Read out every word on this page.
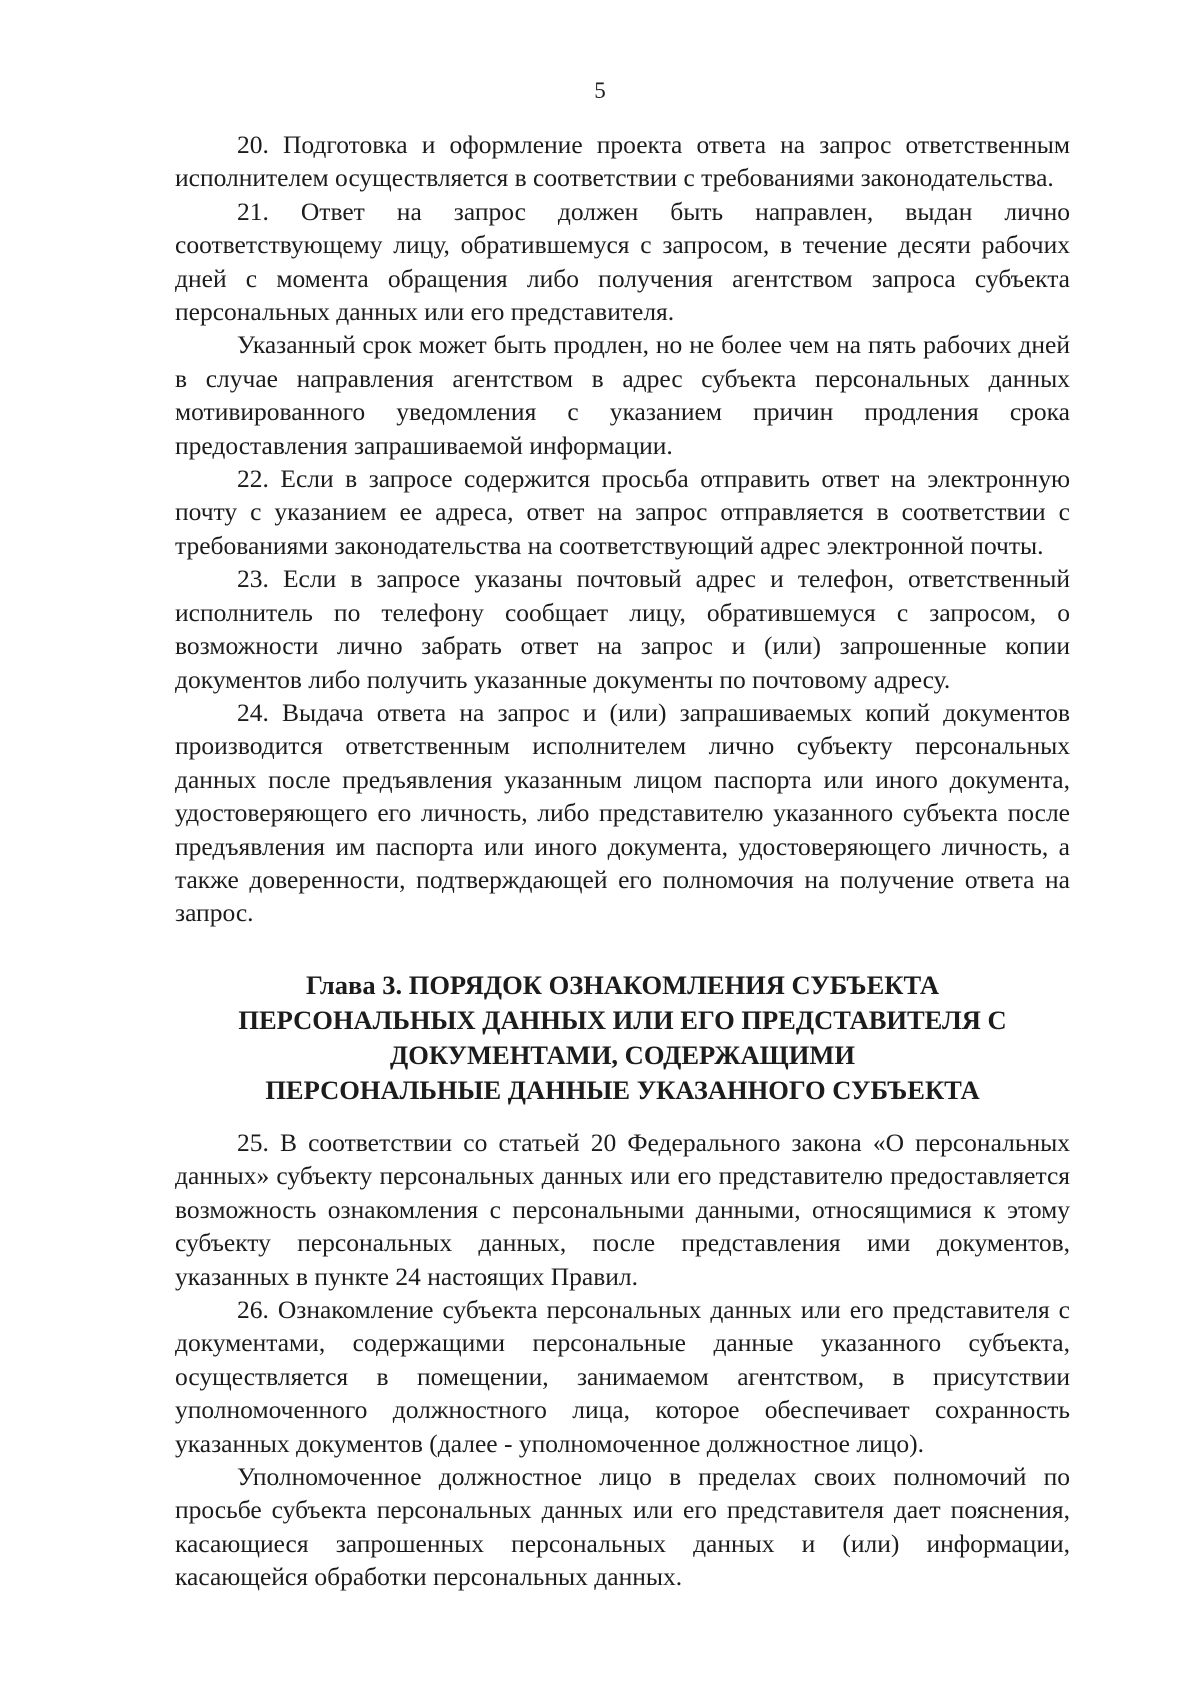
5

20. Подготовка и оформление проекта ответа на запрос ответственным исполнителем осуществляется в соответствии с требованиями законодательства.

21. Ответ на запрос должен быть направлен, выдан лично соответствующему лицу, обратившемуся с запросом, в течение десяти рабочих дней с момента обращения либо получения агентством запроса субъекта персональных данных или его представителя.

Указанный срок может быть продлен, но не более чем на пять рабочих дней в случае направления агентством в адрес субъекта персональных данных мотивированного уведомления с указанием причин продления срока предоставления запрашиваемой информации.

22. Если в запросе содержится просьба отправить ответ на электронную почту с указанием ее адреса, ответ на запрос отправляется в соответствии с требованиями законодательства на соответствующий адрес электронной почты.

23. Если в запросе указаны почтовый адрес и телефон, ответственный исполнитель по телефону сообщает лицу, обратившемуся с запросом, о возможности лично забрать ответ на запрос и (или) запрошенные копии документов либо получить указанные документы по почтовому адресу.

24. Выдача ответа на запрос и (или) запрашиваемых копий документов производится ответственным исполнителем лично субъекту персональных данных после предъявления указанным лицом паспорта или иного документа, удостоверяющего его личность, либо представителю указанного субъекта после предъявления им паспорта или иного документа, удостоверяющего личность, а также доверенности, подтверждающей его полномочия на получение ответа на запрос.

Глава 3. ПОРЯДОК ОЗНАКОМЛЕНИЯ СУБЪЕКТА
ПЕРСОНАЛЬНЫХ ДАННЫХ ИЛИ ЕГО ПРЕДСТАВИТЕЛЯ С
ДОКУМЕНТАМИ, СОДЕРЖАЩИМИ
ПЕРСОНАЛЬНЫЕ ДАННЫЕ УКАЗАННОГО СУБЪЕКТА

25. В соответствии со статьей 20 Федерального закона «О персональных данных» субъекту персональных данных или его представителю предоставляется возможность ознакомления с персональными данными, относящимися к этому субъекту персональных данных, после представления ими документов, указанных в пункте 24 настоящих Правил.

26. Ознакомление субъекта персональных данных или его представителя с документами, содержащими персональные данные указанного субъекта, осуществляется в помещении, занимаемом агентством, в присутствии уполномоченного должностного лица, которое обеспечивает сохранность указанных документов (далее - уполномоченное должностное лицо).

Уполномоченное должностное лицо в пределах своих полномочий по просьбе субъекта персональных данных или его представителя дает пояснения, касающиеся запрошенных персональных данных и (или) информации, касающейся обработки персональных данных.
